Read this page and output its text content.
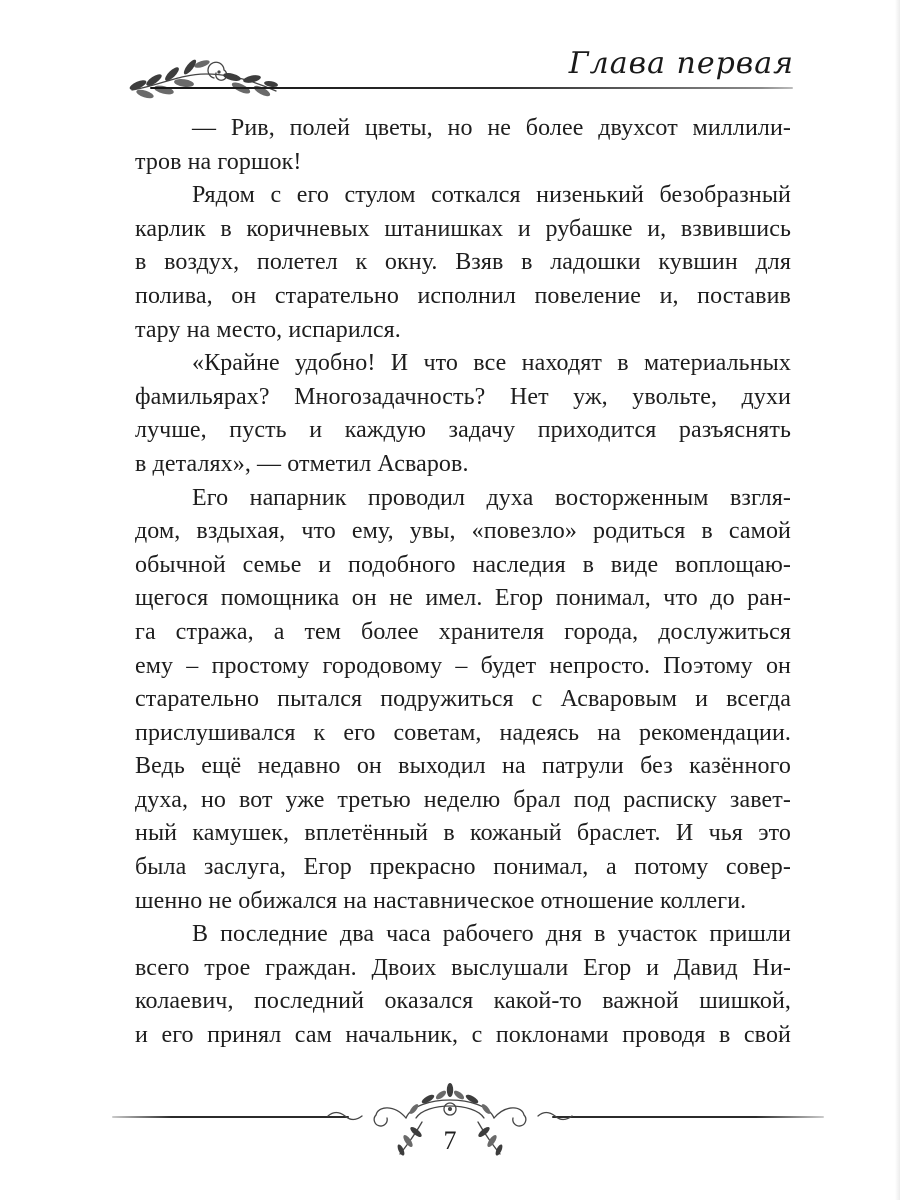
Глава первая
— Рив, полей цветы, но не более двухсот миллили-
тров на горшок!
Рядом с его стулом соткался низенький безобразный
карлик в коричневых штанишках и рубашке и, взвившись
в воздух, полетел к окну. Взяв в ладошки кувшин для
полива, он старательно исполнил повеление и, поставив
тару на место, испарился.
«Крайне удобно! И что все находят в материальных
фамильярах? Многозадачность? Нет уж, увольте, духи
лучше, пусть и каждую задачу приходится разъяснять
в деталях», — отметил Асваров.
Его напарник проводил духа восторженным взгля-
дом, вздыхая, что ему, увы, «повезло» родиться в самой
обычной семье и подобного наследия в виде воплощаю-
щегося помощника он не имел. Егор понимал, что до ран-
га стража, а тем более хранителя города, дослужиться
ему – простому городовому – будет непросто. Поэтому он
старательно пытался подружиться с Асваровым и всегда
прислушивался к его советам, надеясь на рекомендации.
Ведь ещё недавно он выходил на патрули без казённого
духа, но вот уже третью неделю брал под расписку завет-
ный камушек, вплетённый в кожаный браслет. И чья это
была заслуга, Егор прекрасно понимал, а потому совер-
шенно не обижался на наставническое отношение коллеги.
В последние два часа рабочего дня в участок пришли
всего трое граждан. Двоих выслушали Егор и Давид Ни-
колаевич, последний оказался какой-то важной шишкой,
и его принял сам начальник, с поклонами проводя в свой
7
